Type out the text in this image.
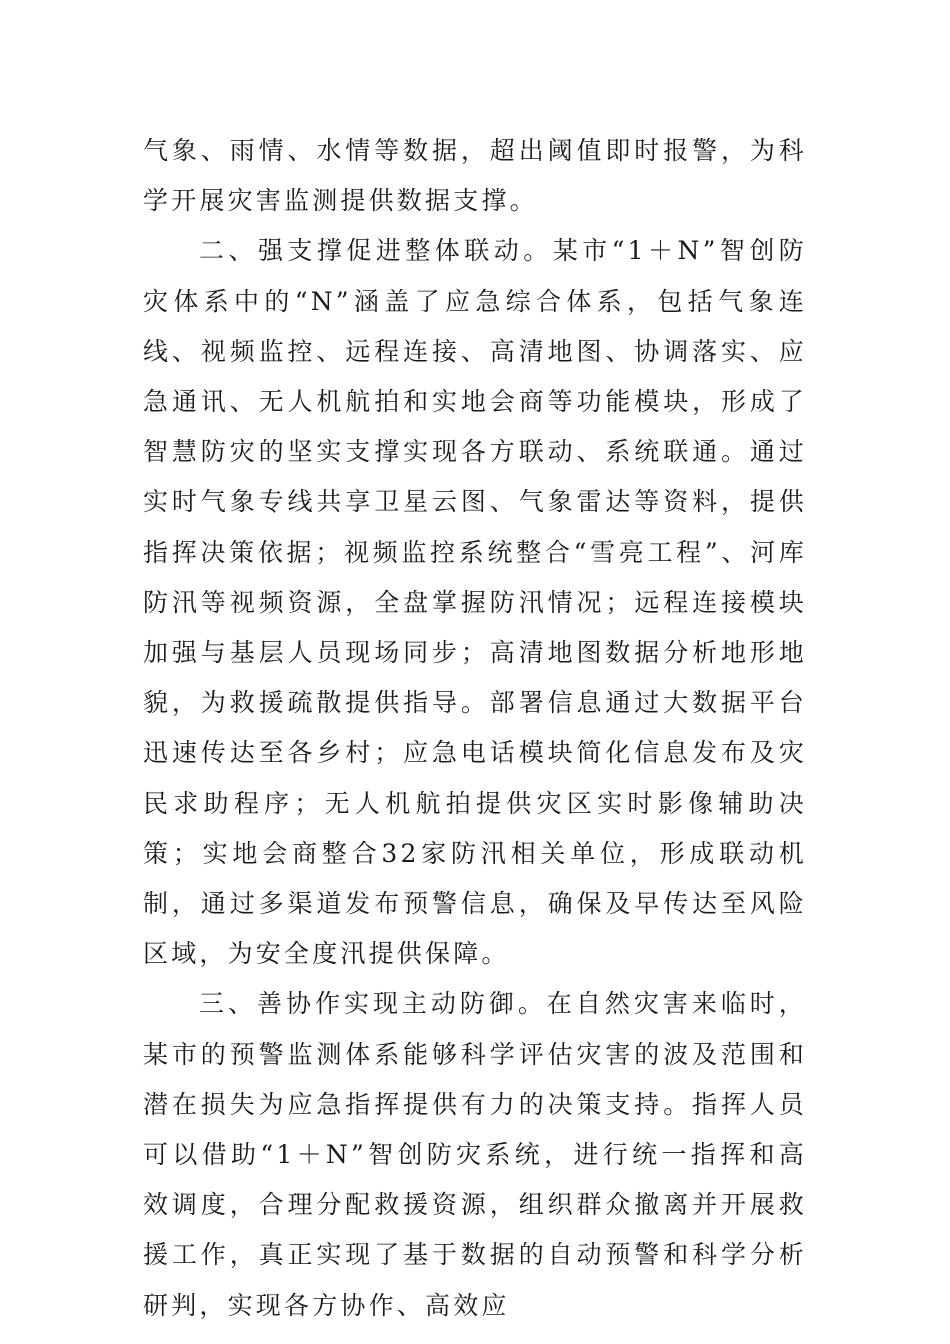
气象、雨情、水情等数据，超出阈值即时报警，为科学开展灾害监测提供数据支撑。

二、强支撑促进整体联动。某市“1＋N”智创防灾体系中的“N”涵盖了应急综合体系，包括气象连线、视频监控、远程连接、高清地图、协调落实、应急通讯、无人机航拍和实地会商等功能模块，形成了智慧防灾的坚实支撑实现各方联动、系统联通。通过实时气象专线共享卫星云图、气象雷达等资料，提供指挥决策依据；视频监控系统整合“雪亮工程”、河库防汛等视频资源，全盘掌握防汛情况；远程连接模块加强与基层人员现场同步；高清地图数据分析地形地貌，为救援疏散提供指导。部署信息通过大数据平台迅速传达至各乡村；应急电话模块简化信息发布及灾民求助程序；无人机航拍提供灾区实时影像辅助决策；实地会商整合32家防汛相关单位，形成联动机制，通过多渠道发布预警信息，确保及早传达至风险区域，为安全度汛提供保障。

三、善协作实现主动防御。在自然灾害来临时，某市的预警监测体系能够科学评估灾害的波及范围和潜在损失为应急指挥提供有力的决策支持。指挥人员可以借助“1＋N”智创防灾系统，进行统一指挥和高效调度，合理分配救援资源，组织群众撤离并开展救援工作，真正实现了基于数据的自动预警和科学分析研判，实现各方协作、高效应
